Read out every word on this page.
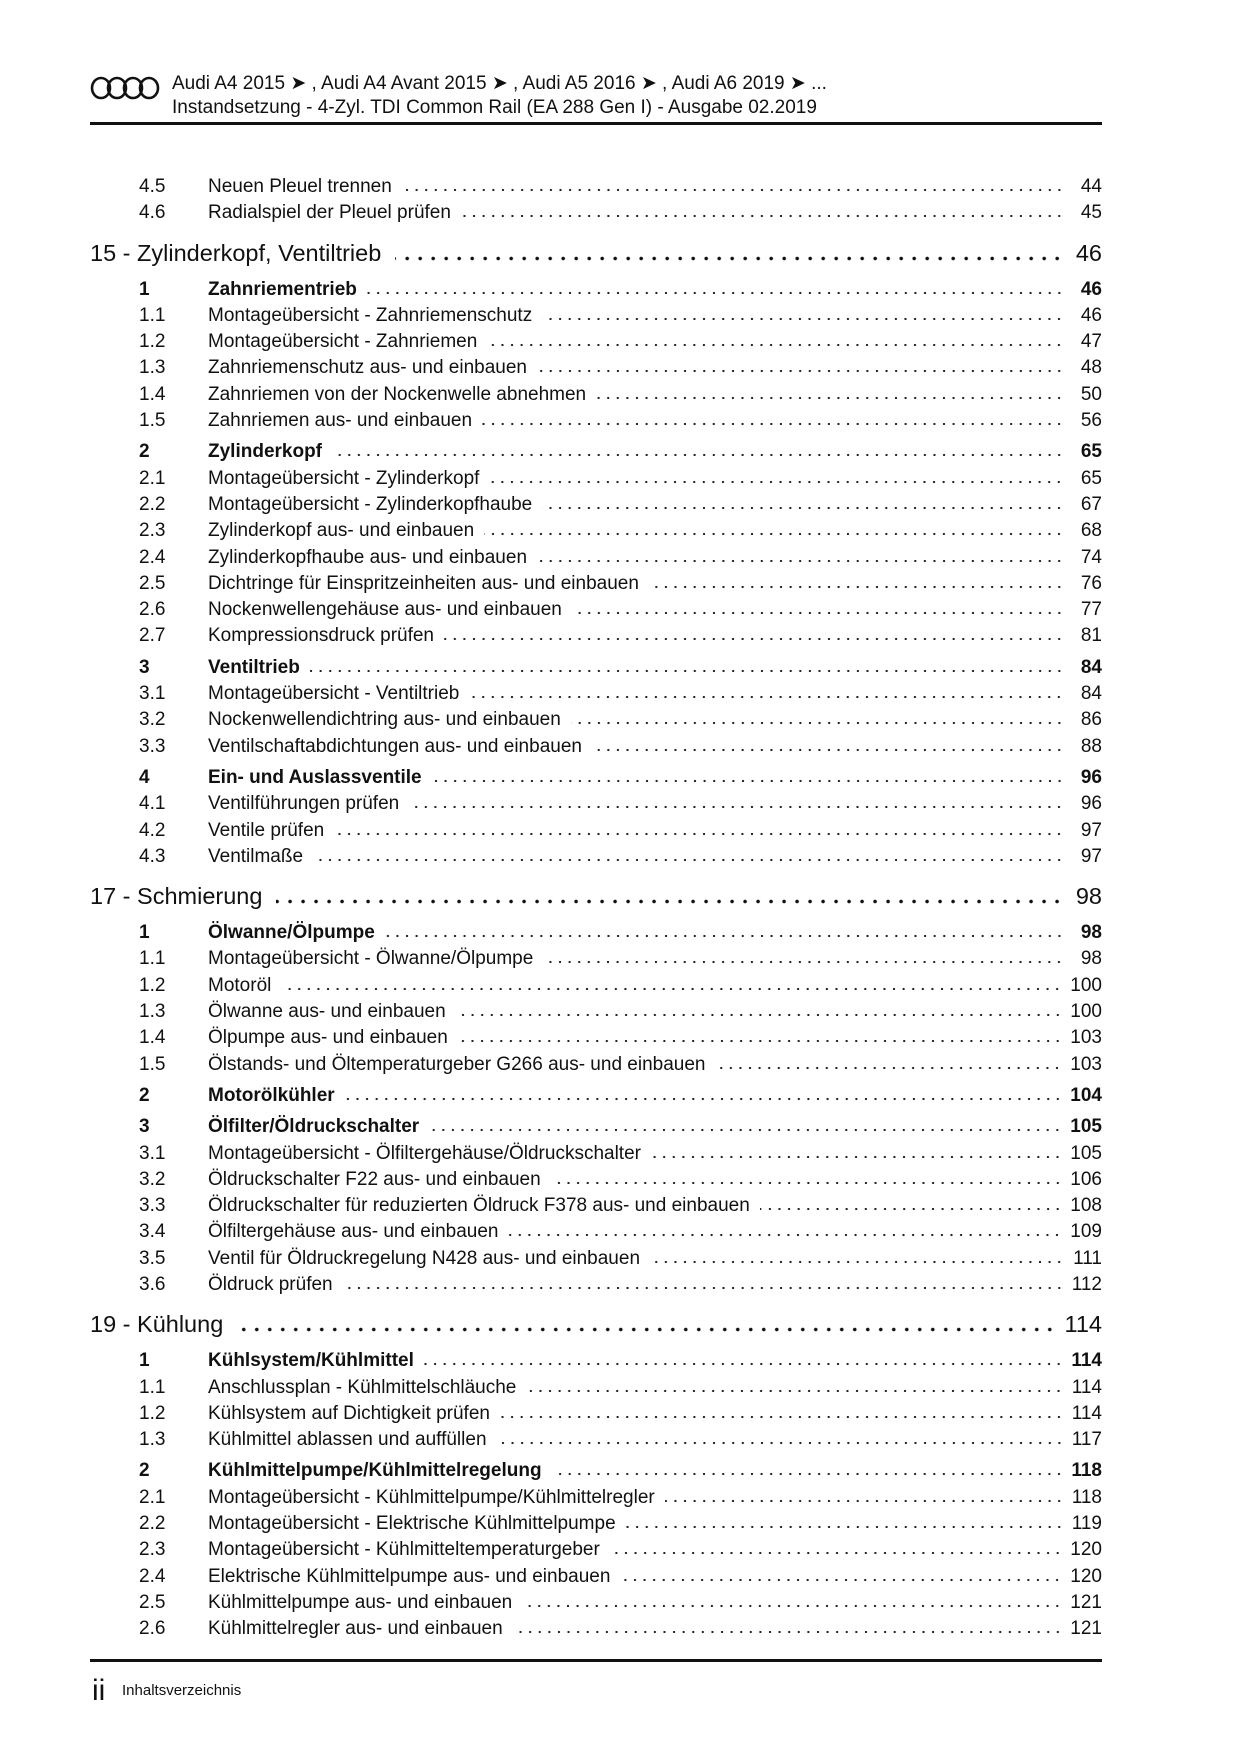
Audi A4 2015 ➤ , Audi A4 Avant 2015 ➤ , Audi A5 2016 ➤ , Audi A6 2019 ➤ ...
Instandsetzung - 4-Zyl. TDI Common Rail (EA 288 Gen I) - Ausgabe 02.2019
4.5	Neuen Pleuel trennen	44
4.6	Radialspiel der Pleuel prüfen	45
15 - Zylinderkopf, Ventiltrieb	46
1	Zahnriementrieb	46
1.1	Montageübersicht - Zahnriemenschutz	46
1.2	Montageübersicht - Zahnriemen	47
1.3	Zahnriemenschutz aus- und einbauen	48
1.4	Zahnriemen von der Nockenwelle abnehmen	50
1.5	Zahnriemen aus- und einbauen	56
2	Zylinderkopf	65
2.1	Montageübersicht - Zylinderkopf	65
2.2	Montageübersicht - Zylinderkopfhaube	67
2.3	Zylinderkopf aus- und einbauen	68
2.4	Zylinderkopfhaube aus- und einbauen	74
2.5	Dichtringe für Einspritzeinheiten aus- und einbauen	76
2.6	Nockenwellengehäuse aus- und einbauen	77
2.7	Kompressionsdruck prüfen	81
3	Ventiltrieb	84
3.1	Montageübersicht - Ventiltrieb	84
3.2	Nockenwellendichtring aus- und einbauen	86
3.3	Ventilschaftabdichtungen aus- und einbauen	88
4	Ein- und Auslassventile	96
4.1	Ventilführungen prüfen	96
4.2	Ventile prüfen	97
4.3	Ventilmaße	97
17 - Schmierung	98
1	Ölwanne/Ölpumpe	98
1.1	Montageübersicht - Ölwanne/Ölpumpe	98
1.2	Motoröl	100
1.3	Ölwanne aus- und einbauen	100
1.4	Ölpumpe aus- und einbauen	103
1.5	Ölstands- und Öltemperaturgeber G266 aus- und einbauen	103
2	Motorölkühler	104
3	Ölfilter/Öldruckschalter	105
3.1	Montageübersicht - Ölfiltergehäuse/Öldruckschalter	105
3.2	Öldruckschalter F22 aus- und einbauen	106
3.3	Öldruckschalter für reduzierten Öldruck F378 aus- und einbauen	108
3.4	Ölfiltergehäuse aus- und einbauen	109
3.5	Ventil für Öldruckregelung N428 aus- und einbauen	111
3.6	Öldruck prüfen	112
19 - Kühlung	114
1	Kühlsystem/Kühlmittel	114
1.1	Anschlussplan - Kühlmittelschläuche	114
1.2	Kühlsystem auf Dichtigkeit prüfen	114
1.3	Kühlmittel ablassen und auffüllen	117
2	Kühlmittelpumpe/Kühlmittelregelung	118
2.1	Montageübersicht - Kühlmittelpumpe/Kühlmittelregler	118
2.2	Montageübersicht - Elektrische Kühlmittelpumpe	119
2.3	Montageübersicht - Kühlmitteltemperaturgeber	120
2.4	Elektrische Kühlmittelpumpe aus- und einbauen	120
2.5	Kühlmittelpumpe aus- und einbauen	121
2.6	Kühlmittelregler aus- und einbauen	121
ii Inhaltsverzeichnis
